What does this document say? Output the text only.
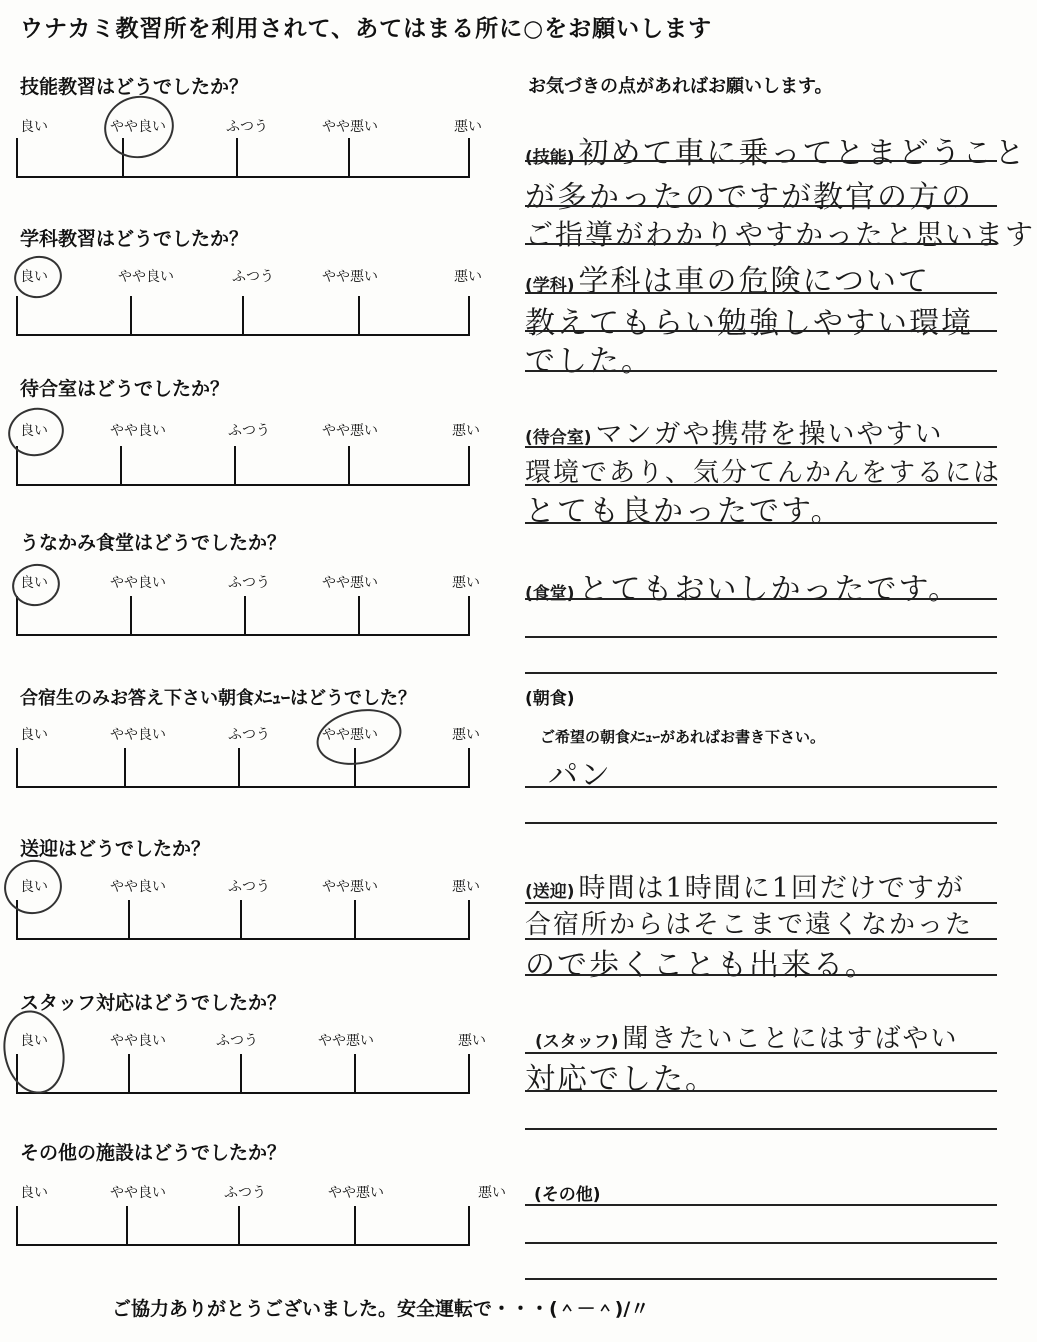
ウナカミ教習所を利用されて、あてはまる所に○をお願いします
お気づきの点があればお願いします。
技能教習はどうでしたか？
良い	やや良い	ふつう	やや悪い	悪い
(技能) 初めて車に乗ってとまどうこと
が多かったのですが教官の方の
ご指導がわかりやすかったと思います
学科教習はどうでしたか？
良い	やや良い	ふつう	やや悪い	悪い	(学科) 学科は車の危険について
教えてもらい勉強しやすい環境
でした。
待合室はどうでしたか？
良い	やや良い	ふつう	やや悪い	悪い	(待合室) マンガや携帯を操いやすい
環境であり、気分てんかんをするには
とても良かったです。
うなかみ食堂はどうでしたか？
良い	やや良い	ふつう	やや悪い	悪い
(食堂) とてもおいしかったです。
合宿生のみお答え下さい朝食ﾒﾆｭｰはどうでした？	(朝食)
良い	やや良い	ふつう	やや悪い	悪い	ご希望の朝食ﾒﾆｭｰがあればお書き下さい。
パン
送迎はどうでしたか？
良い	やや良い	ふつう	やや悪い	悪い	(送迎) 時間は1時間に1回だけですが
合宿所からはそこまで遠くなかった
ので歩くことも出来る。
スタッフ対応はどうでしたか？
良い	やや良い	ふつう	やや悪い	悪い	(スタッフ) 聞きたいことにはすばやい
対応でした。
その他の施設はどうでしたか？
良い	やや良い	ふつう	やや悪い	悪い (その他)
ご協力ありがとうございました。安全運転で・・・(＾－＾)/〃
